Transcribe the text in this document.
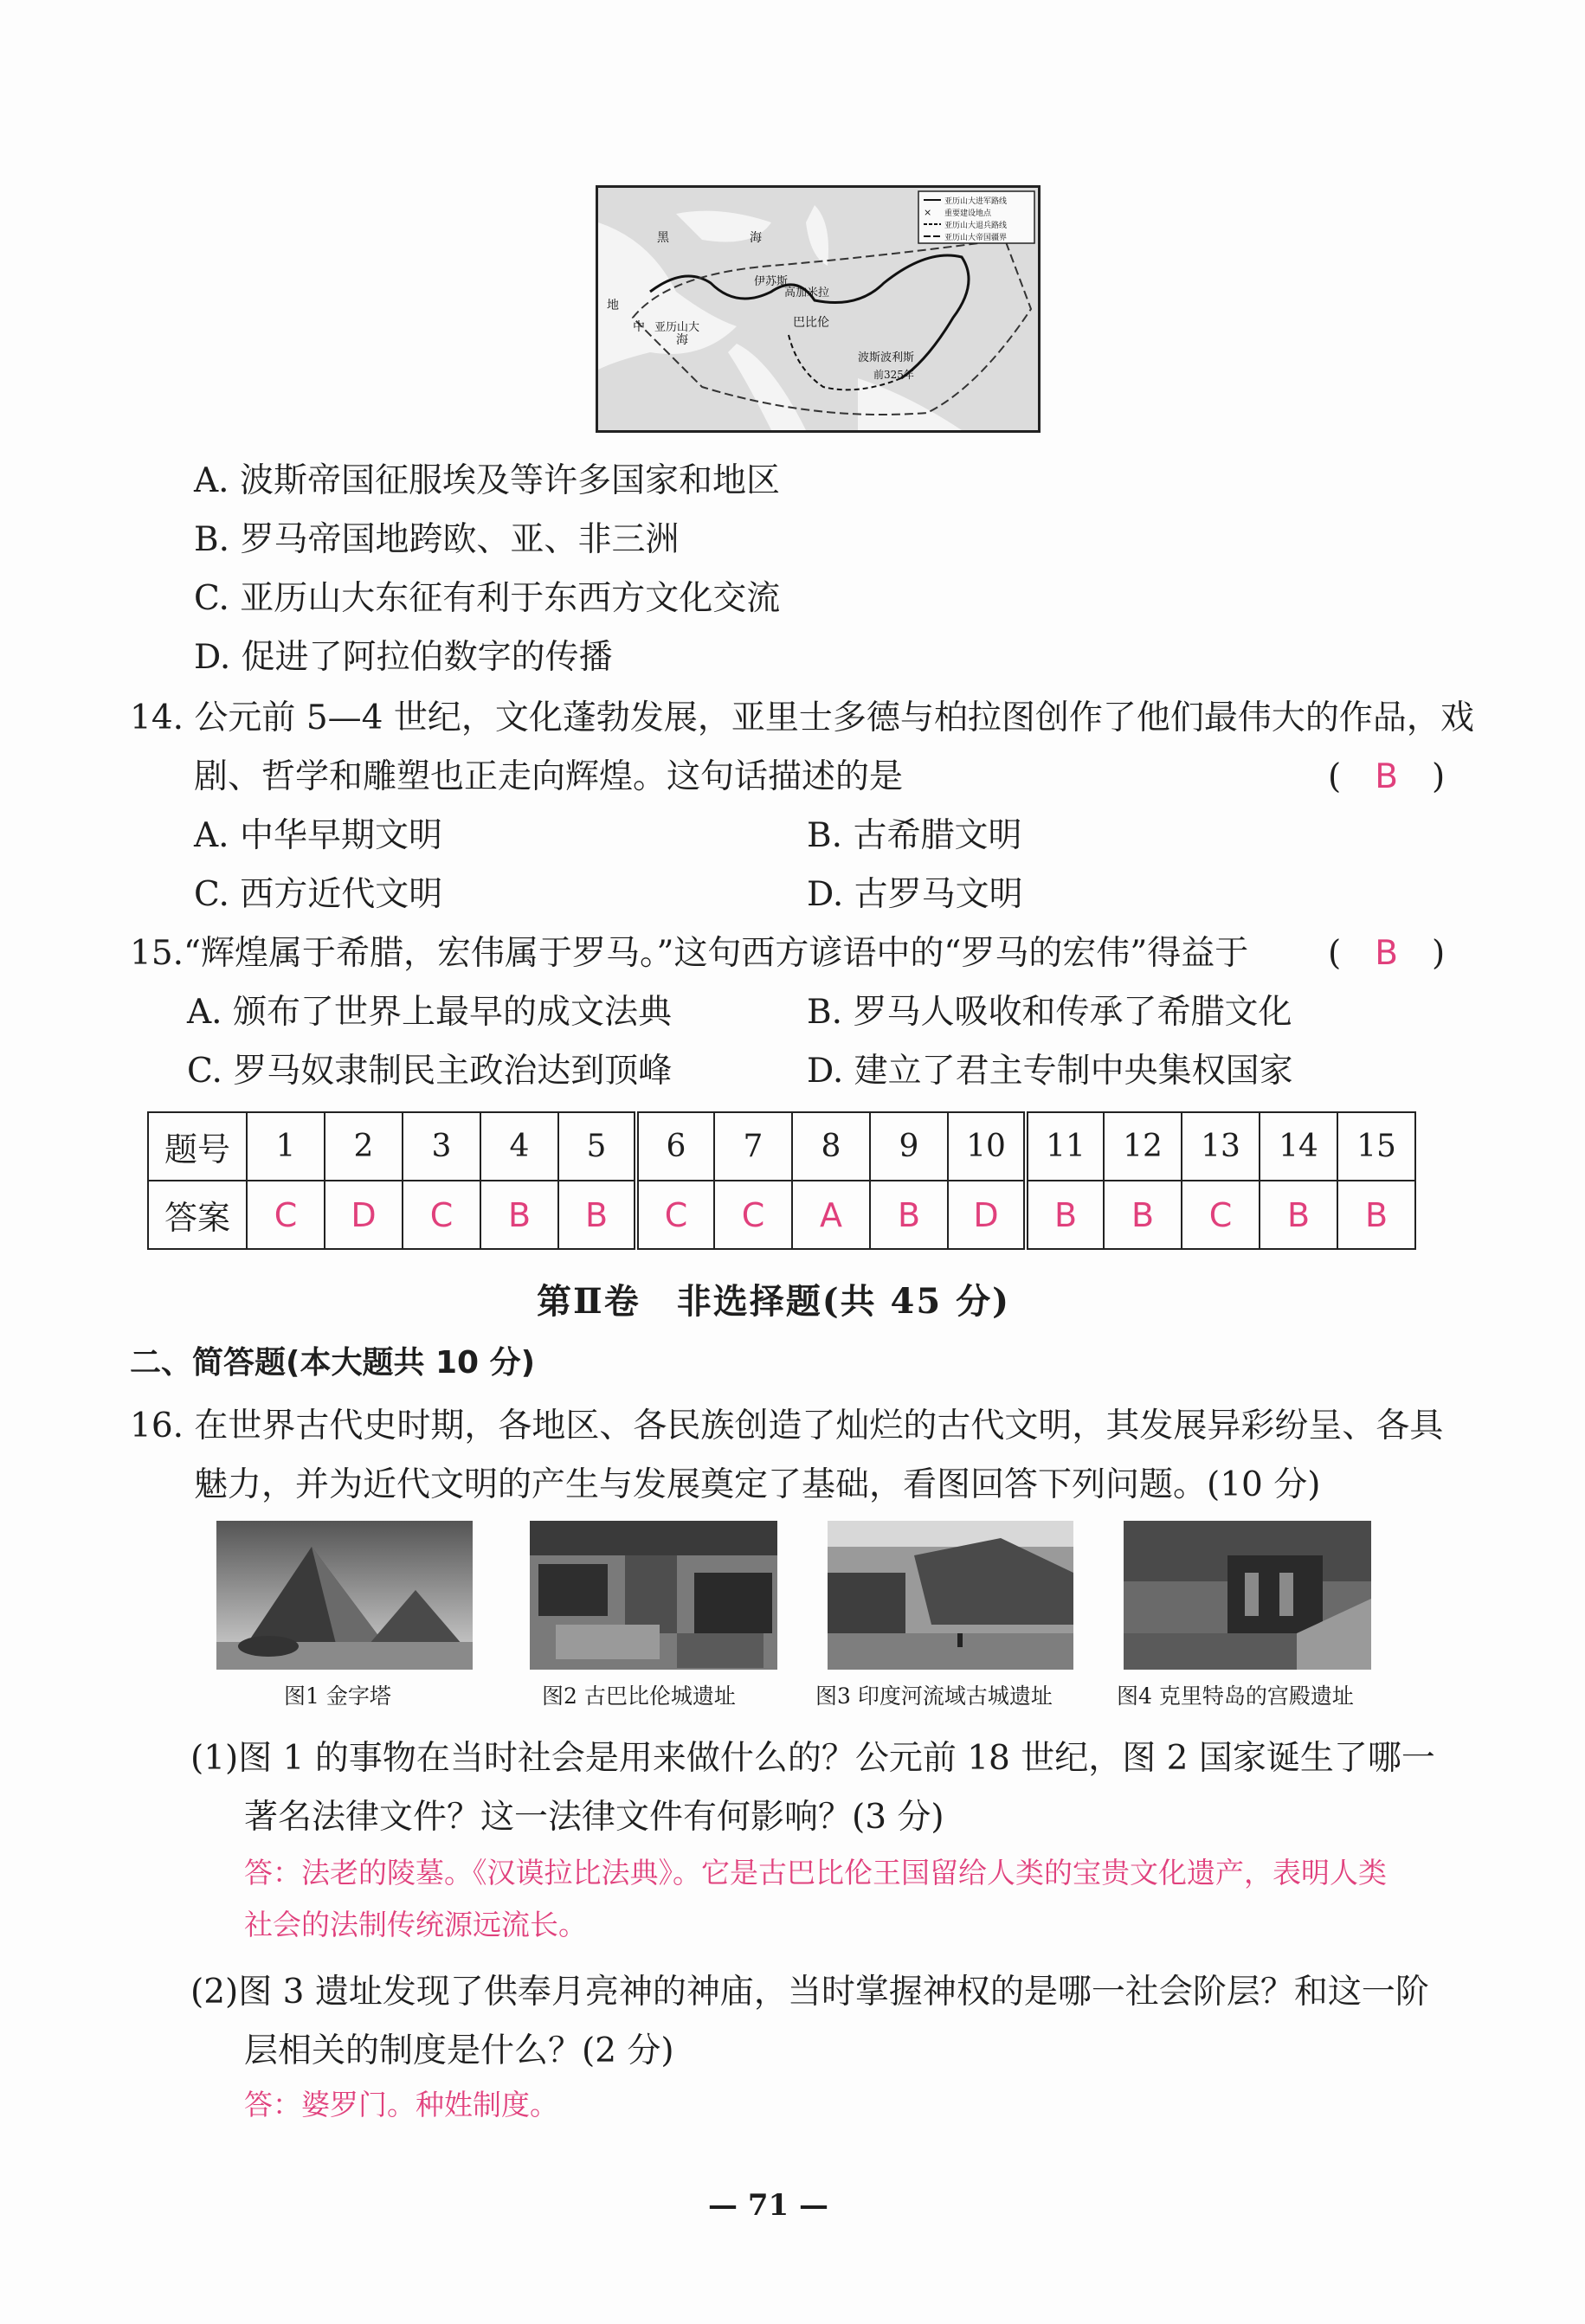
×
亚历山大进军路线
重要建设地点
亚历山大退兵路线
亚历山大帝国疆界
黑	海
地
中
海
伊苏斯
高加米拉
巴比伦
亚历山大
波斯波利斯
前325年
A. 波斯帝国征服埃及等许多国家和地区
B. 罗马帝国地跨欧、亚、非三洲
C. 亚历山大东征有利于东西方文化交流
D. 促进了阿拉伯数字的传播
14. 公元前 5—4 世纪，文化蓬勃发展，亚里士多德与柏拉图创作了他们最伟大的作品，戏
剧、哲学和雕塑也正走向辉煌。这句话描述的是	(　B　)
A. 中华早期文明	B. 古希腊文明
C. 西方近代文明	D. 古罗马文明
15.“辉煌属于希腊，宏伟属于罗马。”这句西方谚语中的“罗马的宏伟”得益于 (　B　)
A. 颁布了世界上最早的成文法典	B. 罗马人吸收和传承了希腊文化
C. 罗马奴隶制民主政治达到顶峰	D. 建立了君主专制中央集权国家
题号	1	2	3	4	5	6	7	8	9	10	11	12	13	14	15
答案	C	D	C	B	B	C	C	A	B	D	B	B	C	B	B
第Ⅱ卷　非选择题(共 45 分)
二、简答题(本大题共 10 分)
16. 在世界古代史时期，各地区、各民族创造了灿烂的古代文明，其发展异彩纷呈、各具
魅力，并为近代文明的产生与发展奠定了基础，看图回答下列问题。(10 分)
图1 金字塔	图2 古巴比伦城遗址	图3 印度河流域古城遗址	图4 克里特岛的宫殿遗址
(1)图 1 的事物在当时社会是用来做什么的？公元前 18 世纪，图 2 国家诞生了哪一
著名法律文件？这一法律文件有何影响？(3 分)
答：法老的陵墓。《汉谟拉比法典》。它是古巴比伦王国留给人类的宝贵文化遗产，表明人类
社会的法制传统源远流长。
(2)图 3 遗址发现了供奉月亮神的神庙，当时掌握神权的是哪一社会阶层？和这一阶
层相关的制度是什么？(2 分)
答：婆罗门。种姓制度。
— 71 —
